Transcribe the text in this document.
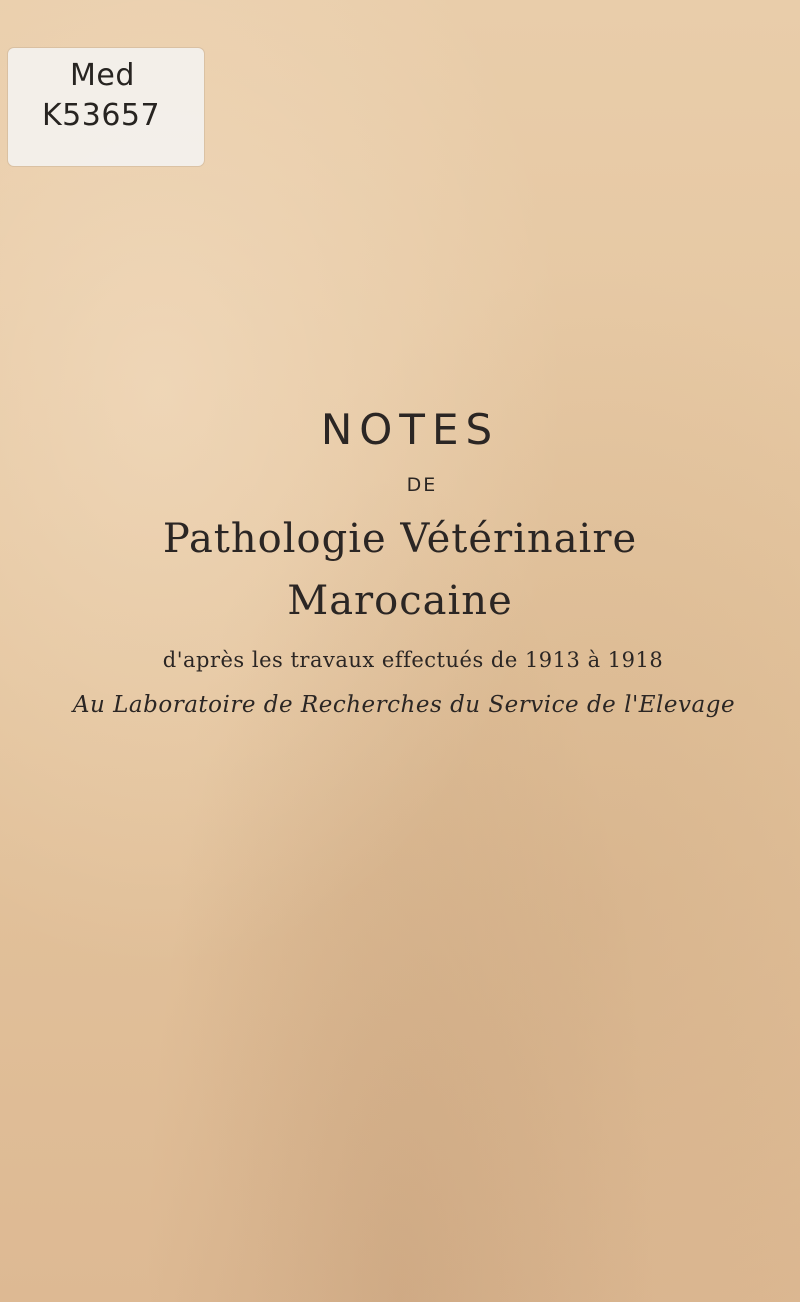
Med
K53657
NOTES
DE
Pathologie Vétérinaire
Marocaine
d'après les travaux effectués de 1913 à 1918
Au Laboratoire de Recherches du Service de l'Elevage
